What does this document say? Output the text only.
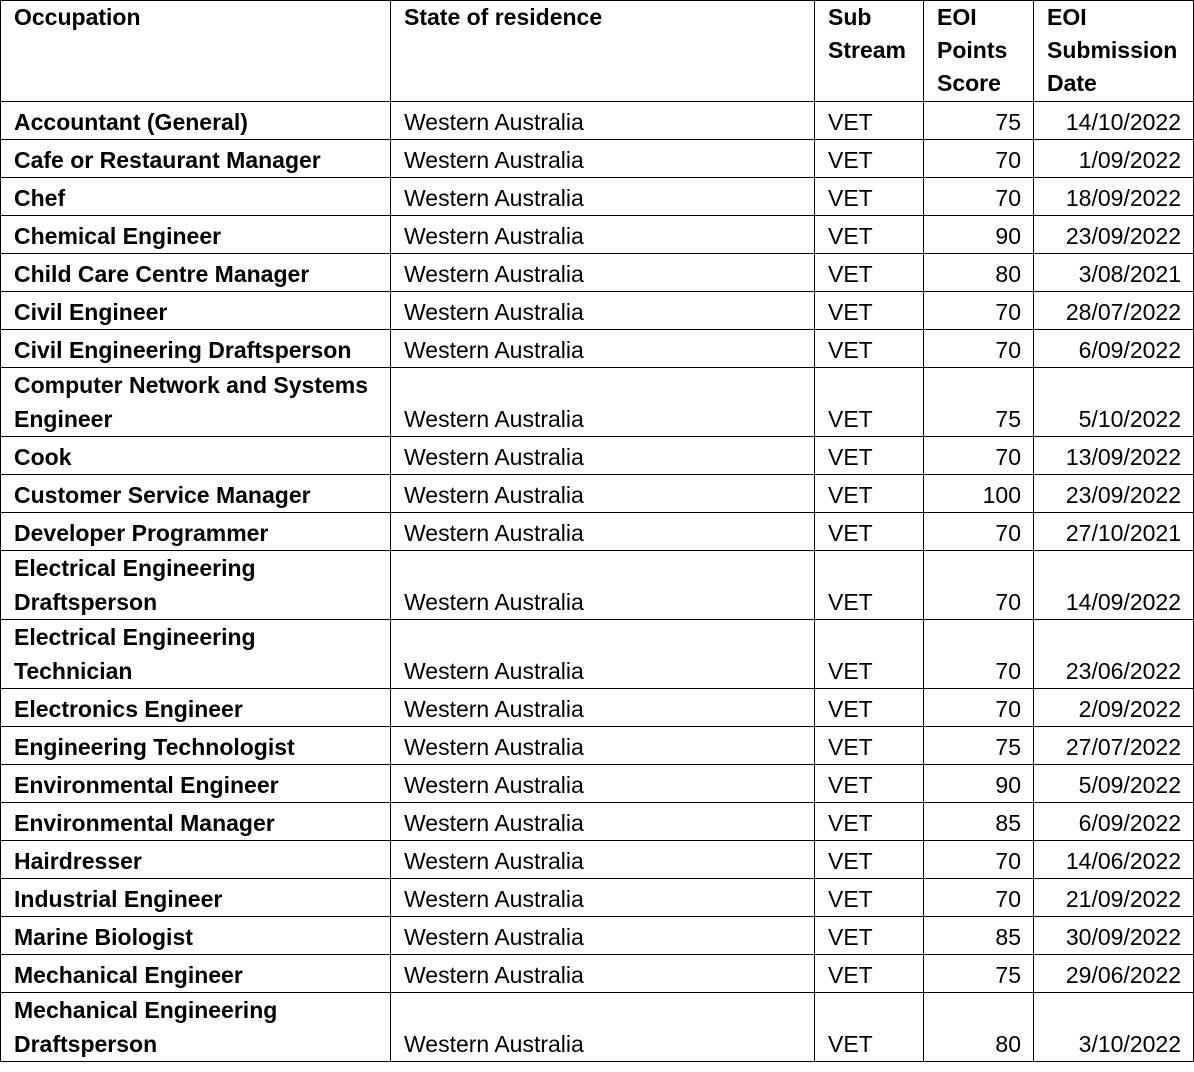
Occupation	State of residence	Sub Stream	EOI Points Score	EOI Submission Date
Accountant (General)	Western Australia	VET	75	14/10/2022
Cafe or Restaurant Manager	Western Australia	VET	70	1/09/2022
Chef	Western Australia	VET	70	18/09/2022
Chemical Engineer	Western Australia	VET	90	23/09/2022
Child Care Centre Manager	Western Australia	VET	80	3/08/2021
Civil Engineer	Western Australia	VET	70	28/07/2022
Civil Engineering Draftsperson	Western Australia	VET	70	6/09/2022
Computer Network and Systems Engineer	Western Australia	VET	75	5/10/2022
Cook	Western Australia	VET	70	13/09/2022
Customer Service Manager	Western Australia	VET	100	23/09/2022
Developer Programmer	Western Australia	VET	70	27/10/2021
Electrical Engineering Draftsperson	Western Australia	VET	70	14/09/2022
Electrical Engineering Technician	Western Australia	VET	70	23/06/2022
Electronics Engineer	Western Australia	VET	70	2/09/2022
Engineering Technologist	Western Australia	VET	75	27/07/2022
Environmental Engineer	Western Australia	VET	90	5/09/2022
Environmental Manager	Western Australia	VET	85	6/09/2022
Hairdresser	Western Australia	VET	70	14/06/2022
Industrial Engineer	Western Australia	VET	70	21/09/2022
Marine Biologist	Western Australia	VET	85	30/09/2022
Mechanical Engineer	Western Australia	VET	75	29/06/2022
Mechanical Engineering Draftsperson	Western Australia	VET	80	3/10/2022
